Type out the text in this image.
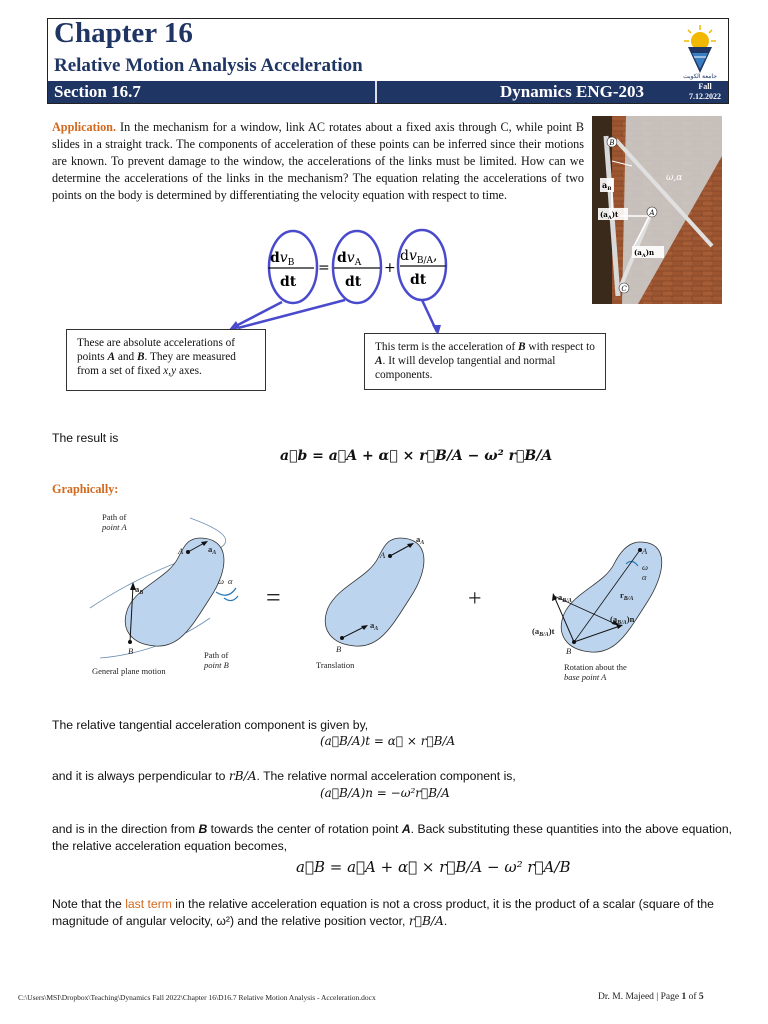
Chapter 16
Relative Motion Analysis Acceleration
جامعة الكويت
Section 16.7	Dynamics ENG-203	Fall
7.12.2022

Application. In the mechanism for a window, link AC rotates about a fixed axis through C, while point B slides in a straight track. The components of acceleration of these points can be inferred since their motions are known. To prevent damage to the window, the accelerations of the links must be limited. How can we determine the accelerations of the links in the mechanism? The equation relating the accelerations of two points on the body is determined by differentiating the velocity equation with respect to time.

B
A
C
ω,α
$a_B$
$(a_A)t$
$(a_A)n$
$dv_B$
dt
=
$dv_A$
dt
+
$dv_{B/A}$,
dt
These are absolute accelerations of points A and B. They are measured from a set of fixed x,y axes.
This term is the acceleration of B with respect to A. It will develop tangential and normal components.
The result is
a⃗b = a⃗A + α⃗ × r⃗B/A − ω² r⃗B/A
Graphically:
Path of
point A
A	$a_A$
B
$a_B$
ω α
General plane motion
Path of
point B
=
A
$a_A$
B
$a_A$
Translation
+
A
ω
α
B
$r_{B/A}$
$a_{B/A}$
$(a_{B/A})n$
$(a_{B/A})t$
Rotation about the
base point A
The relative tangential acceleration component is given by,
(a⃗B/A)t = α⃗ × r⃗B/A
and it is always perpendicular to rB/A. The relative normal acceleration component is,
(a⃗B/A)n = −ω²r⃗B/A

and is in the direction from B towards the center of rotation point A. Back substituting these quantities into the above equation, the relative acceleration equation becomes,

a⃗B = a⃗A + α⃗ × r⃗B/A − ω² r⃗A/B

Note that the last term in the relative acceleration equation is not a cross product, it is the product of a scalar (square of the magnitude of angular velocity, ω²) and the relative position vector, r⃗B/A.

C:\Users\MSI\Dropbox\Teaching\Dynamics Fall 2022\Chapter 16\D16.7 Relative Motion Analysis - Acceleration.docx	Dr. M. Majeed | Page 1 of 5
